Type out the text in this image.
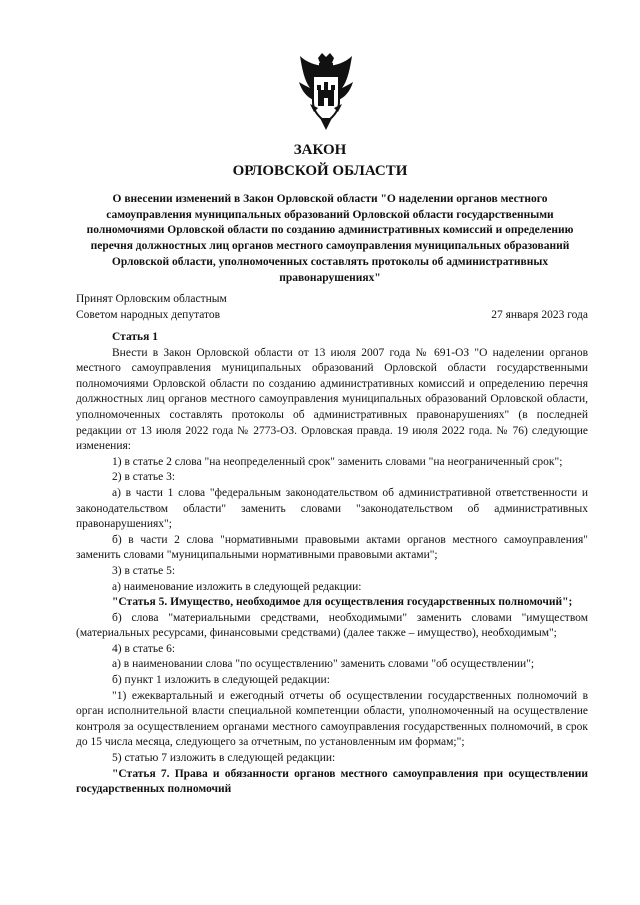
ЗАКОН
ОРЛОВСКОЙ ОБЛАСТИ
О внесении изменений в Закон Орловской области "О наделении органов местного самоуправления муниципальных образований Орловской области государственными полномочиями Орловской области по созданию административных комиссий и определению перечня должностных лиц органов местного самоуправления муниципальных образований Орловской области, уполномоченных составлять протоколы об административных правонарушениях"
Принят Орловским областным
Советом народных депутатов	27 января 2023 года
Статья 1

Внести в Закон Орловской области от 13 июля 2007 года № 691-ОЗ "О наделении органов местного самоуправления муниципальных образований Орловской области государственными полномочиями Орловской области по созданию административных комиссий и определению перечня должностных лиц органов местного самоуправления муниципальных образований Орловской области, уполномоченных составлять протоколы об административных правонарушениях" (в последней редакции от 13 июля 2022 года № 2773-ОЗ. Орловская правда. 19 июля 2022 года. № 76) следующие изменения:

1) в статье 2 слова "на неопределенный срок" заменить словами "на неограниченный срок";

2) в статье 3:

а) в части 1 слова "федеральным законодательством об административной ответственности и законодательством области" заменить словами "законодательством об административных правонарушениях";

б) в части 2 слова "нормативными правовыми актами органов местного самоуправления" заменить словами "муниципальными нормативными правовыми актами";

3) в статье 5:

а) наименование изложить в следующей редакции:

"Статья 5. Имущество, необходимое для осуществления государственных полномочий";

б) слова "материальными средствами, необходимыми" заменить словами "имуществом (материальных ресурсами, финансовыми средствами) (далее также – имущество), необходимым";

4) в статье 6:

а) в наименовании слова "по осуществлению" заменить словами "об осуществлении";

б) пункт 1 изложить в следующей редакции:

"1) ежеквартальный и ежегодный отчеты об осуществлении государственных полномочий в орган исполнительной власти специальной компетенции области, уполномоченный на осуществление контроля за осуществлением органами местного самоуправления государственных полномочий, в срок до 15 числа месяца, следующего за отчетным, по установленным им формам;";

5) статью 7 изложить в следующей редакции:

"Статья 7. Права и обязанности органов местного самоуправления при осуществлении государственных полномочий
